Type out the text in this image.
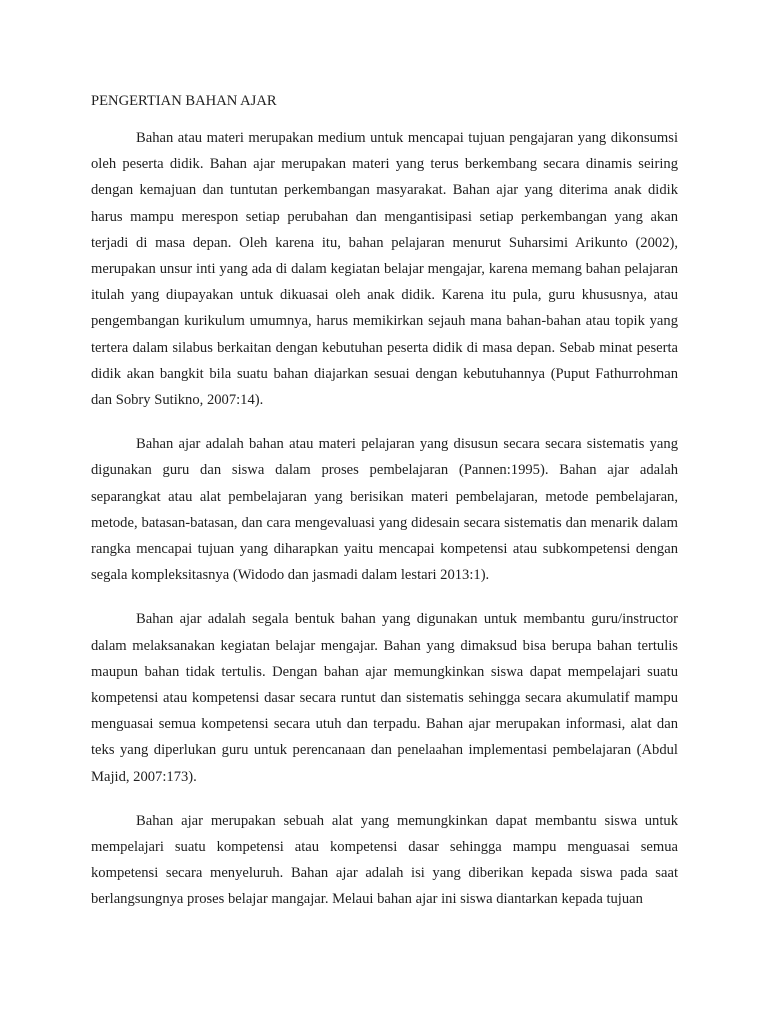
PENGERTIAN BAHAN AJAR

Bahan atau materi merupakan medium untuk mencapai tujuan pengajaran yang dikonsumsi oleh peserta didik. Bahan ajar merupakan materi yang terus berkembang secara dinamis seiring dengan kemajuan dan tuntutan perkembangan masyarakat. Bahan ajar yang diterima anak didik harus mampu merespon setiap perubahan dan mengantisipasi setiap perkembangan yang akan terjadi di masa depan. Oleh karena itu, bahan pelajaran menurut Suharsimi Arikunto (2002), merupakan unsur inti yang ada di dalam kegiatan belajar mengajar, karena memang bahan pelajaran itulah yang diupayakan untuk dikuasai oleh anak didik. Karena itu pula, guru khususnya, atau pengembangan kurikulum umumnya, harus memikirkan sejauh mana bahan-bahan atau topik yang tertera dalam silabus berkaitan dengan kebutuhan peserta didik di masa depan. Sebab minat peserta didik akan bangkit bila suatu bahan diajarkan sesuai dengan kebutuhannya (Puput Fathurrohman dan Sobry Sutikno, 2007:14).

Bahan ajar adalah bahan atau materi pelajaran yang disusun secara secara sistematis yang digunakan guru dan siswa dalam proses pembelajaran (Pannen:1995). Bahan ajar adalah separangkat atau alat pembelajaran yang berisikan materi pembelajaran, metode pembelajaran, metode, batasan-batasan, dan cara mengevaluasi yang didesain secara sistematis dan menarik dalam rangka mencapai tujuan yang diharapkan yaitu mencapai kompetensi atau subkompetensi dengan segala kompleksitasnya (Widodo dan jasmadi dalam lestari 2013:1).

Bahan ajar adalah segala bentuk bahan yang digunakan untuk membantu guru/instructor dalam melaksanakan kegiatan belajar mengajar. Bahan yang dimaksud bisa berupa bahan tertulis maupun bahan tidak tertulis. Dengan bahan ajar memungkinkan siswa dapat mempelajari suatu kompetensi atau kompetensi dasar secara runtut dan sistematis sehingga secara akumulatif mampu menguasai semua kompetensi secara utuh dan terpadu. Bahan ajar merupakan informasi, alat dan teks yang diperlukan guru untuk perencanaan dan penelaahan implementasi pembelajaran (Abdul Majid, 2007:173).

Bahan ajar merupakan sebuah alat yang memungkinkan dapat membantu siswa untuk mempelajari suatu kompetensi atau kompetensi dasar sehingga mampu menguasai semua kompetensi secara menyeluruh. Bahan ajar adalah isi yang diberikan kepada siswa pada saat berlangsungnya proses belajar mangajar. Melaui bahan ajar ini siswa diantarkan kepada tujuan
